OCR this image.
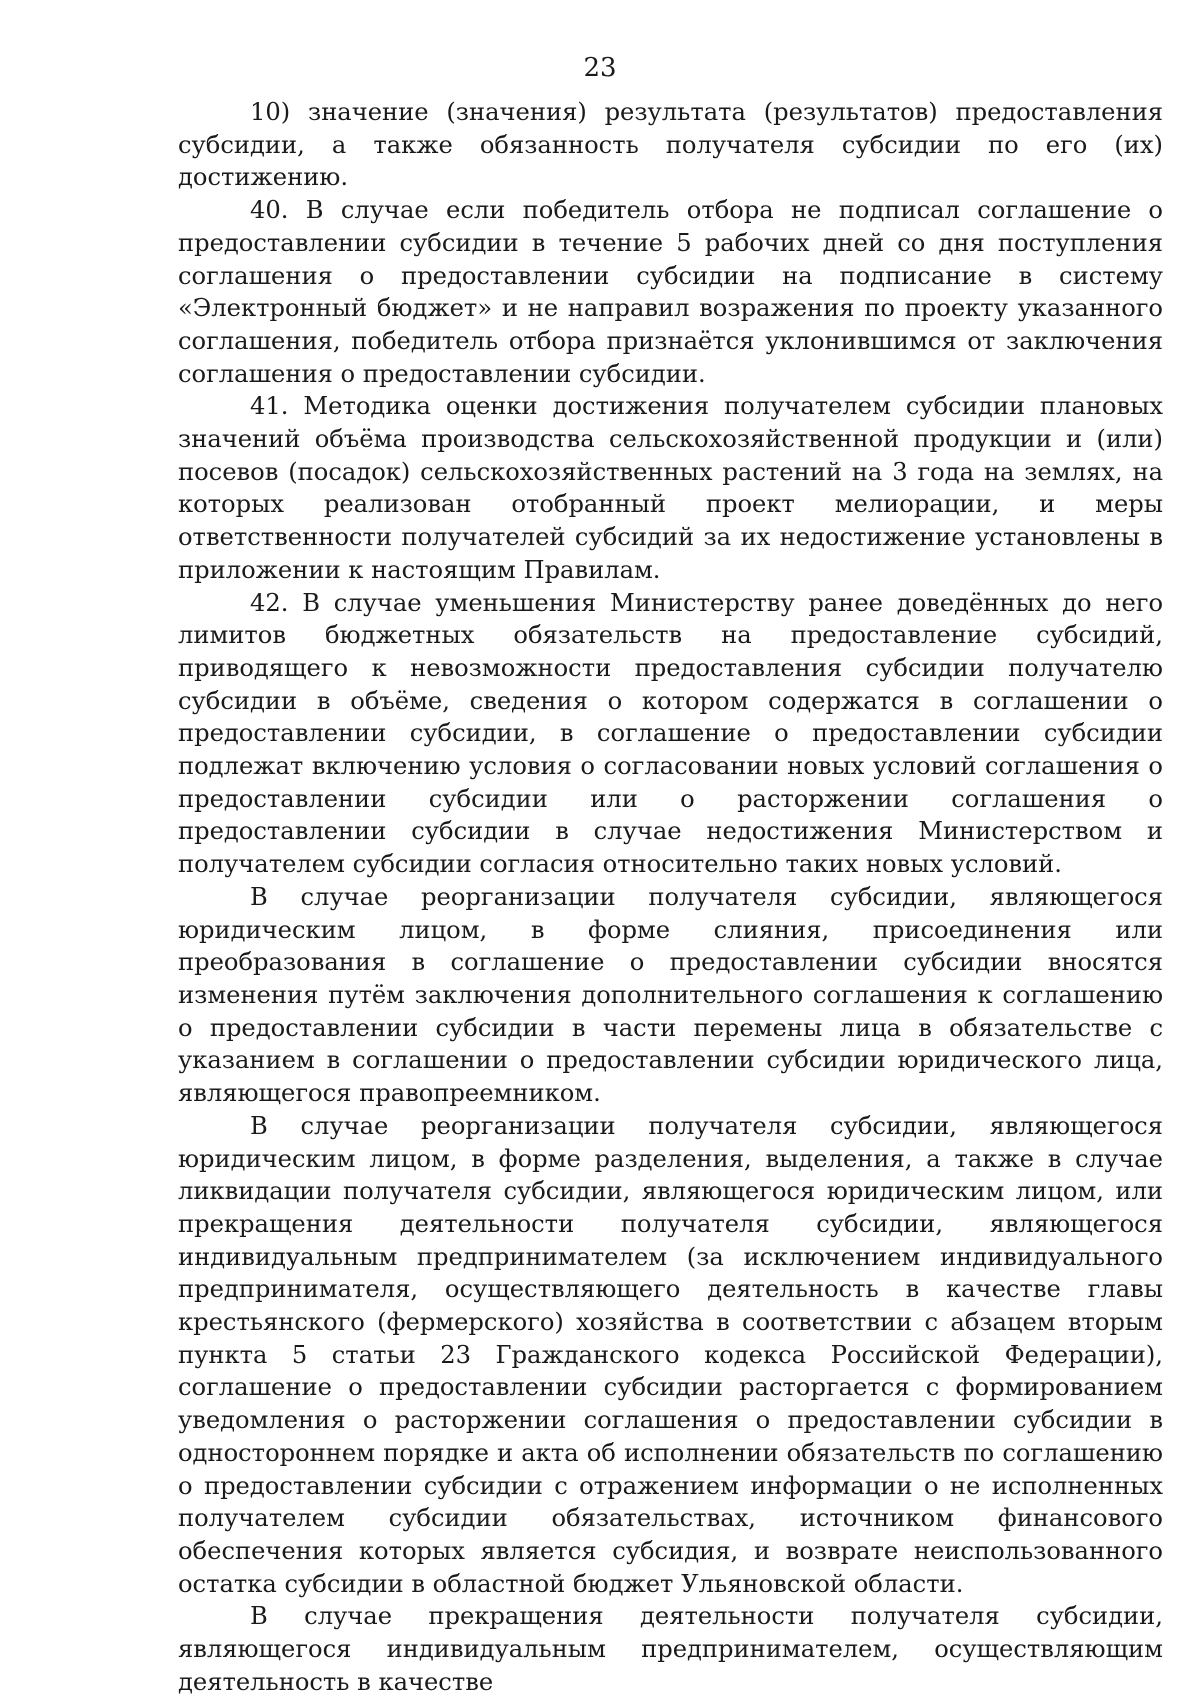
23

10) значение (значения) результата (результатов) предоставления субсидии, а также обязанность получателя субсидии по его (их) достижению.

40. В случае если победитель отбора не подписал соглашение о предоставлении субсидии в течение 5 рабочих дней со дня поступления соглашения о предоставлении субсидии на подписание в систему «Электронный бюджет» и не направил возражения по проекту указанного соглашения, победитель отбора признаётся уклонившимся от заключения соглашения о предоставлении субсидии.

41. Методика оценки достижения получателем субсидии плановых значений объёма производства сельскохозяйственной продукции и (или) посевов (посадок) сельскохозяйственных растений на 3 года на землях, на которых реализован отобранный проект мелиорации, и меры ответственности получателей субсидий за их недостижение установлены в приложении к настоящим Правилам.

42. В случае уменьшения Министерству ранее доведённых до него лимитов бюджетных обязательств на предоставление субсидий, приводящего к невозможности предоставления субсидии получателю субсидии в объёме, сведения о котором содержатся в соглашении о предоставлении субсидии, в соглашение о предоставлении субсидии подлежат включению условия о согласовании новых условий соглашения о предоставлении субсидии или о расторжении соглашения о предоставлении субсидии в случае недостижения Министерством и получателем субсидии согласия относительно таких новых условий.

В случае реорганизации получателя субсидии, являющегося юридическим лицом, в форме слияния, присоединения или преобразования в соглашение о предоставлении субсидии вносятся изменения путём заключения дополнительного соглашения к соглашению о предоставлении субсидии в части перемены лица в обязательстве с указанием в соглашении о предоставлении субсидии юридического лица, являющегося правопреемником.

В случае реорганизации получателя субсидии, являющегося юридическим лицом, в форме разделения, выделения, а также в случае ликвидации получателя субсидии, являющегося юридическим лицом, или прекращения деятельности получателя субсидии, являющегося индивидуальным предпринимателем (за исключением индивидуального предпринимателя, осуществляющего деятельность в качестве главы крестьянского (фермерского) хозяйства в соответствии с абзацем вторым пункта 5 статьи 23 Гражданского кодекса Российской Федерации), соглашение о предоставлении субсидии расторгается с формированием уведомления о расторжении соглашения о предоставлении субсидии в одностороннем порядке и акта об исполнении обязательств по соглашению о предоставлении субсидии с отражением информации о не исполненных получателем субсидии обязательствах, источником финансового обеспечения которых является субсидия, и возврате неиспользованного остатка субсидии в областной бюджет Ульяновской области.

В случае прекращения деятельности получателя субсидии, являющегося индивидуальным предпринимателем, осуществляющим деятельность в качестве
